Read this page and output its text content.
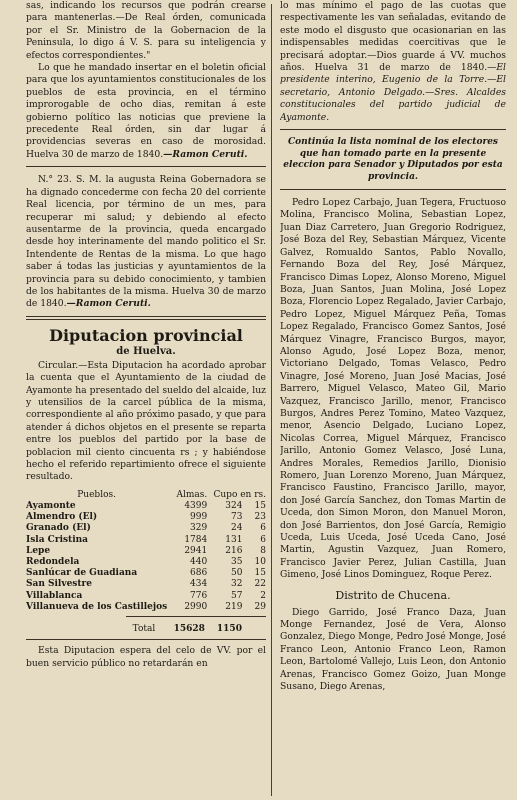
sas, indicando los recursos que podrán crearse para mantenerlas.—De Real órden, comunicada por el Sr. Ministro de la Gobernacion de la Peninsula, lo digo á V. S. para su inteligencia y efectos correspondientes."

Lo que he mandado insertar en el boletin oficial para que los ayuntamientos constitucionales de los pueblos de esta provincia, en el término improrogable de ocho dias, remitan á este gobierno político las noticias que previene la precedente Real órden, sin dar lugar á providencias severas en caso de morosidad. Huelva 30 de marzo de 1840.—Ramon Ceruti.

N.° 23. S. M. la augusta Reina Gobernadora se ha dignado concederme con fecha 20 del corriente Real licencia, por término de un mes, para recuperar mi salud; y debiendo al efecto ausentarme de la provincia, queda encargado desde hoy interinamente del mando politico el Sr. Intendente de Rentas de la misma. Lo que hago saber á todas las justicias y ayuntamientos de la provincia para su debido conocimiento, y tambien de los habitantes de la misma. Huelva 30 de marzo de 1840.—Ramon Ceruti.

Diputacion provincial
de Huelva.

Circular.—Esta Diputacion ha acordado aprobar la cuenta que el Ayuntamiento de la ciudad de Ayamonte ha presentado del sueldo del alcaide, luz y utensilios de la carcel pública de la misma, correspondiente al año próximo pasado, y que para atender á dichos objetos en el presente se reparta entre los pueblos del partido por la base de poblacion mil ciento cincuenta rs ; y habiéndose hecho el referido repartimiento ofrece el siguiente resultado.

Pueblos.	Almas.	Cupo en rs.	
Ayamonte	4399	324	15
Almendro (El)	999	73	23
Granado (El)	329	24	6
Isla Cristina	1784	131	6
Lepe	2941	216	8
Redondela	440	35	10
Sanlúcar de Guadiana	686	50	15
San Silvestre	434	32	22
Villablanca	776	57	2
Villanueva de los Castillejos	2990	219	29
Total	15628	1150	

Esta Diputacion espera del celo de VV. por el buen servicio público no retardarán en

lo mas mínimo el pago de las cuotas que respectivamente les van señaladas, evitando de este modo el disgusto que ocasionarian en las indispensables medidas coercitivas que le precisará adoptar.—Dios guarde á VV. muchos años. Huelva 31 de marzo de 1840.—El presidente interino, Eugenio de la Torre.—El secretario, Antonio Delgado.—Sres. Alcaldes constitucionales del partido judicial de Ayamonte.

Continúa la lista nominal de los electores que han tomado parte en la presente eleccion para Senador y Diputados por esta provincia.

Pedro Lopez Carbajo, Juan Tegera, Fructuoso Molina, Francisco Molina, Sebastian Lopez, Juan Diaz Carretero, Juan Gregorio Rodriguez, José Boza del Rey, Sebastian Márquez, Vicente Galvez, Romualdo Santos, Pablo Novallo, Fernando Boza del Rey, José Márquez, Francisco Dimas Lopez, Alonso Moreno, Miguel Boza, Juan Santos, Juan Molina, José Lopez Boza, Florencio Lopez Regalado, Javier Carbajo, Pedro Lopez, Miguel Márquez Peña, Tomas Lopez Regalado, Francisco Gomez Santos, José Márquez Vinagre, Francisco Burgos, mayor, Alonso Agudo, José Lopez Boza, menor, Victoriano Delgado, Tomas Velasco, Pedro Vinagre, José Moreno, Juan José Macias, José Barrero, Miguel Velasco, Mateo Gil, Mario Vazquez, Francisco Jarillo, menor, Francisco Burgos, Andres Perez Tomino, Mateo Vazquez, menor, Asencio Delgado, Luciano Lopez, Nicolas Correa, Miguel Márquez, Francisco Jarillo, Antonio Gomez Velasco, José Luna, Andres Morales, Remedios Jarillo, Dionisio Romero, Juan Lorenzo Moreno, Juan Márquez, Francisco Faustino, Francisco Jarillo, mayor, don José García Sanchez, don Tomas Martin de Uceda, don Simon Moron, don Manuel Moron, don José Barrientos, don José García, Remigio Uceda, Luis Uceda, José Uceda Cano, José Martin, Agustin Vazquez, Juan Romero, Francisco Javier Perez, Julian Castilla, Juan Gimeno, José Linos Dominguez, Roque Perez.

Distrito de Chucena.

Diego Garrido, José Franco Daza, Juan Monge Fernandez, José de Vera, Alonso Gonzalez, Diego Monge, Pedro José Monge, José Franco Leon, Antonio Franco Leon, Ramon Leon, Bartolomé Vallejo, Luis Leon, don Antonio Arenas, Francisco Gomez Goizo, Juan Monge Susano, Diego Arenas,
